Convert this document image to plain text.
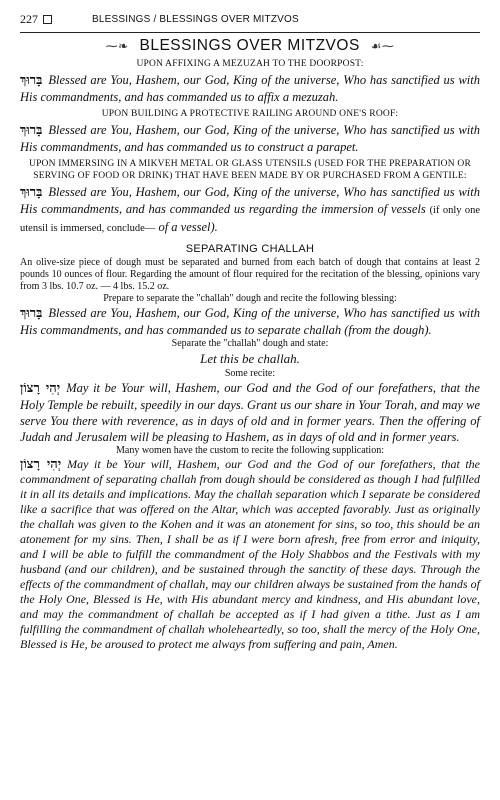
227	BLESSINGS / BLESSINGS OVER MITZVOS
⁓❧ BLESSINGS OVER MITZVOS ☙⁓
UPON AFFIXING A MEZUZAH TO THE DOORPOST:

בָּרוּךְ Blessed are You, Hashem, our God, King of the universe, Who has sanctified us with His commandments, and has commanded us to affix a mezuzah.

UPON BUILDING A PROTECTIVE RAILING AROUND ONE'S ROOF:

בָּרוּךְ Blessed are You, Hashem, our God, King of the universe, Who has sanctified us with His commandments, and has commanded us to construct a parapet.

UPON IMMERSING IN A MIKVEH METAL OR GLASS UTENSILS (USED FOR THE PREPARATION OR SERVING OF FOOD OR DRINK) THAT HAVE BEEN MADE BY OR PURCHASED FROM A GENTILE:

בָּרוּךְ Blessed are You, Hashem, our God, King of the universe, Who has sanctified us with His commandments, and has commanded us regarding the immersion of vessels (if only one utensil is immersed, conclude— of a vessel).

SEPARATING CHALLAH
An olive-size piece of dough must be separated and burned from each batch of dough that contains at least 2 pounds 10 ounces of flour. Regarding the amount of flour required for the recitation of the blessing, opinions vary from 3 lbs. 10.7 oz. — 4 lbs. 15.2 oz.
Prepare to separate the "challah" dough and recite the following blessing:

בָּרוּךְ Blessed are You, Hashem, our God, King of the universe, Who has sanctified us with His commandments, and has commanded us to separate challah (from the dough).

Separate the "challah" dough and state:
Let this be challah.
Some recite:

יְהִי רָצוֹן May it be Your will, Hashem, our God and the God of our forefathers, that the Holy Temple be rebuilt, speedily in our days. Grant us our share in Your Torah, and may we serve You there with reverence, as in days of old and in former years. Then the offering of Judah and Jerusalem will be pleasing to Hashem, as in days of old and in former years.

Many women have the custom to recite the following supplication:

יְהִי רָצוֹן May it be Your will, Hashem, our God and the God of our forefathers, that the commandment of separating challah from dough should be considered as though I had fulfilled it in all its details and implications. May the challah separation which I separate be considered like a sacrifice that was offered on the Altar, which was accepted favorably. Just as originally the challah was given to the Kohen and it was an atonement for sins, so too, this should be an atonement for my sins. Then, I shall be as if I were born afresh, free from error and iniquity, and I will be able to fulfill the commandment of the Holy Shabbos and the Festivals with my husband (and our children), and be sustained through the sanctity of these days. Through the effects of the commandment of challah, may our children always be sustained from the hands of the Holy One, Blessed is He, with His abundant mercy and kindness, and His abundant love, and may the commandment of challah be accepted as if I had given a tithe. Just as I am fulfilling the commandment of challah wholeheartedly, so too, shall the mercy of the Holy One, Blessed is He, be aroused to protect me always from suffering and pain, Amen.
